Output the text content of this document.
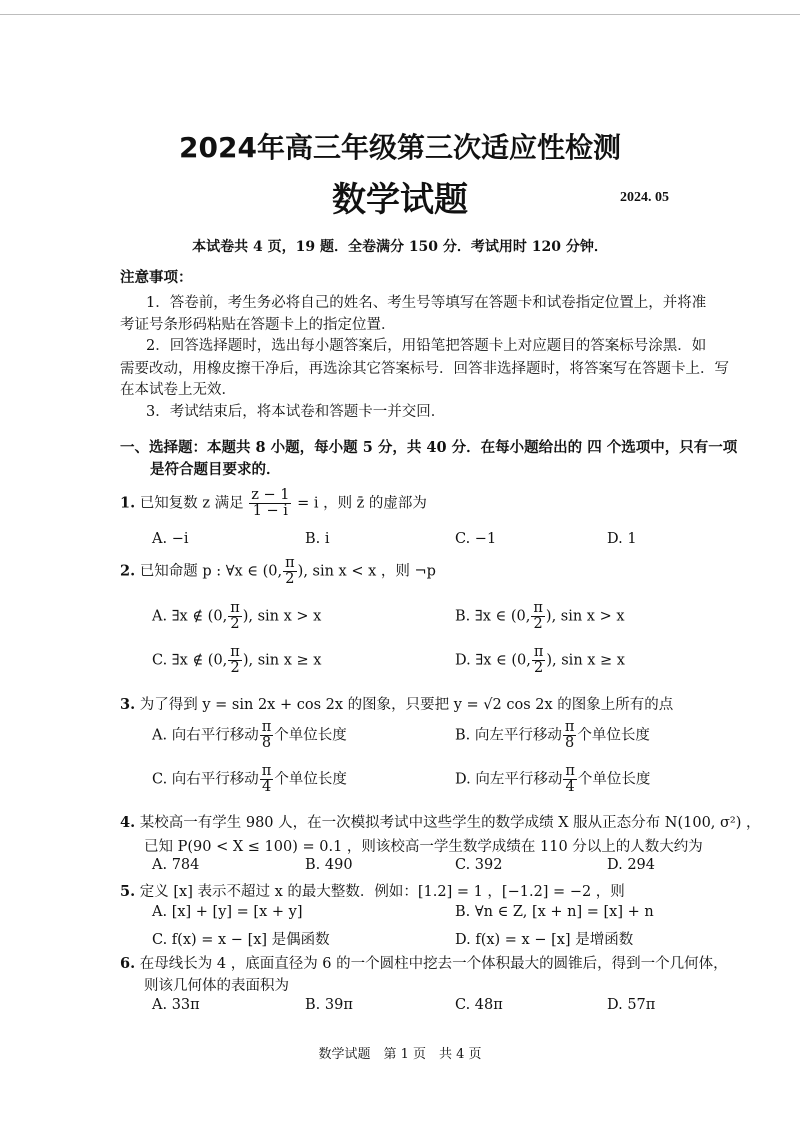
2024年高三年级第三次适应性检测
数学试题	2024. 05
本试卷共 4 页，19 题．全卷满分 150 分．考试用时 120 分钟．
注意事项：
1．答卷前，考生务必将自己的姓名、考生号等填写在答题卡和试卷指定位置上，并将准
考证号条形码粘贴在答题卡上的指定位置．
2．回答选择题时，选出每小题答案后，用铅笔把答题卡上对应题目的答案标号涂黑．如
需要改动，用橡皮擦干净后，再选涂其它答案标号．回答非选择题时，将答案写在答题卡上．写
在本试卷上无效．
3．考试结束后，将本试卷和答题卡一并交回．
一、选择题：本题共 8 小题，每小题 5 分，共 40 分．在每小题给出的 四 个选项中，只有一项
是符合题目要求的．
1. 已知复数 z 满足 $\frac{z - 1}{1 - i} = i$ ，则 z̄ 的虚部为
A. −i	B. i	C. −1	D. 1
2. 已知命题 p : ∀x ∈ (0, $\frac{\pi}{2}$ ), sin x < x ，则 ¬p
A. ∃x ∉ (0, $\frac{\pi}{2}$ ), sin x > x	B. ∃x ∈ (0, $\frac{\pi}{2}$ ), sin x > x
C. ∃x ∉ (0, $\frac{\pi}{2}$ ), sin x ≥ x	D. ∃x ∈ (0, $\frac{\pi}{2}$ ), sin x ≥ x
3. 为了得到 y = sin 2x + cos 2x 的图象，只要把 y = √2 cos 2x 的图象上所有的点
A. 向右平行移动 $\frac{\pi}{8}$ 个单位长度	B. 向左平行移动 $\frac{\pi}{8}$ 个单位长度
C. 向右平行移动 $\frac{\pi}{4}$ 个单位长度	D. 向左平行移动 $\frac{\pi}{4}$ 个单位长度
4. 某校高一有学生 980 人，在一次模拟考试中这些学生的数学成绩 X 服从正态分布 N(100, σ²) ，
已知 P(90 < X ≤ 100) = 0.1 ，则该校高一学生数学成绩在 110 分以上的人数大约为
A. 784	B. 490	C. 392	D. 294
5. 定义 [x] 表示不超过 x 的最大整数．例如：[1.2] = 1 ，[−1.2] = −2 ，则
A. [x] + [y] = [x + y]	B. ∀n ∈ Z, [x + n] = [x] + n
C. f(x) = x − [x] 是偶函数	D. f(x) = x − [x] 是增函数
6. 在母线长为 4 ，底面直径为 6 的一个圆柱中挖去一个体积最大的圆锥后，得到一个几何体，
则该几何体的表面积为
A. 33π	B. 39π	C. 48π	D. 57π
数学试题　第 1 页　共 4 页
